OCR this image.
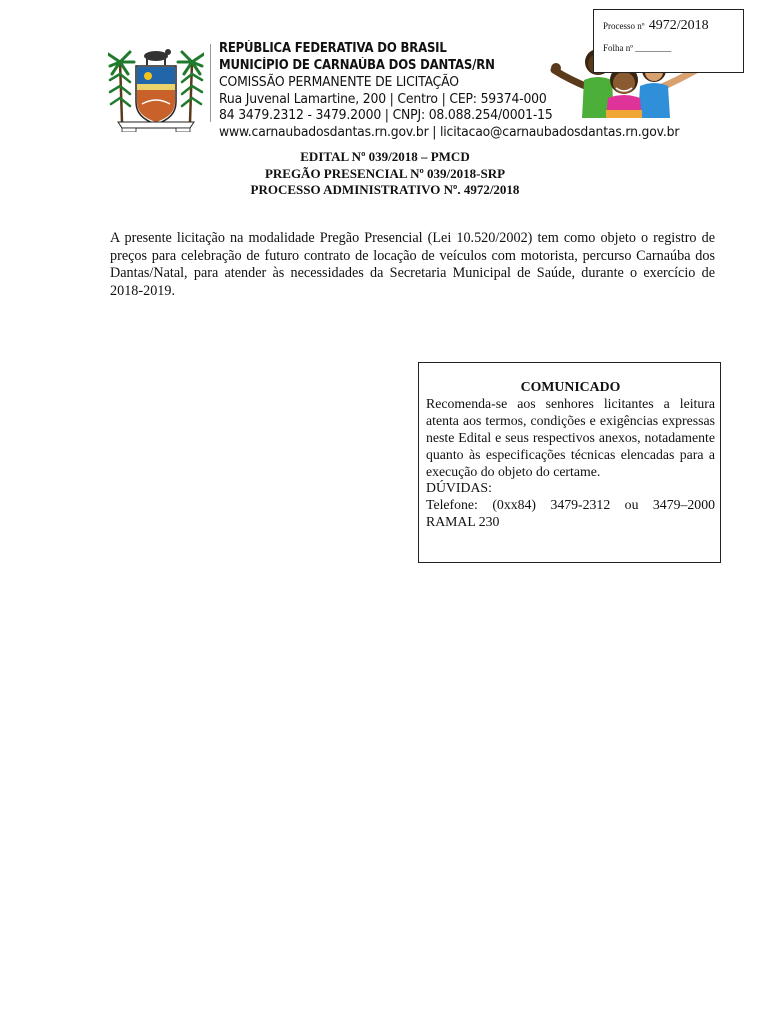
Processo nº 4972/2018
Folha nº ________
REPÚBLICA FEDERATIVA DO BRASIL
MUNICÍPIO DE CARNAÚBA DOS DANTAS/RN
COMISSÃO PERMANENTE DE LICITAÇÃO
Rua Juvenal Lamartine, 200 | Centro | CEP: 59374-000
84 3479.2312 - 3479.2000 | CNPJ: 08.088.254/0001-15
www.carnaubadosdantas.rn.gov.br | licitacao@carnaubadosdantas.rn.gov.br
EDITAL Nº 039/2018 – PMCD
PREGÃO PRESENCIAL Nº 039/2018-SRP
PROCESSO ADMINISTRATIVO Nº. 4972/2018
A presente licitação na modalidade Pregão Presencial (Lei 10.520/2002) tem como objeto o registro de preços para celebração de futuro contrato de locação de veículos com motorista, percurso Carnaúba dos Dantas/Natal, para atender às necessidades da Secretaria Municipal de Saúde, durante o exercício de 2018-2019.
COMUNICADO
Recomenda-se aos senhores licitantes a leitura atenta aos termos, condições e exigências expressas neste Edital e seus respectivos anexos, notadamente quanto às especificações técnicas elencadas para a execução do objeto do certame.
DÚVIDAS:
Telefone: (0xx84) 3479-2312 ou 3479–2000
RAMAL 230
